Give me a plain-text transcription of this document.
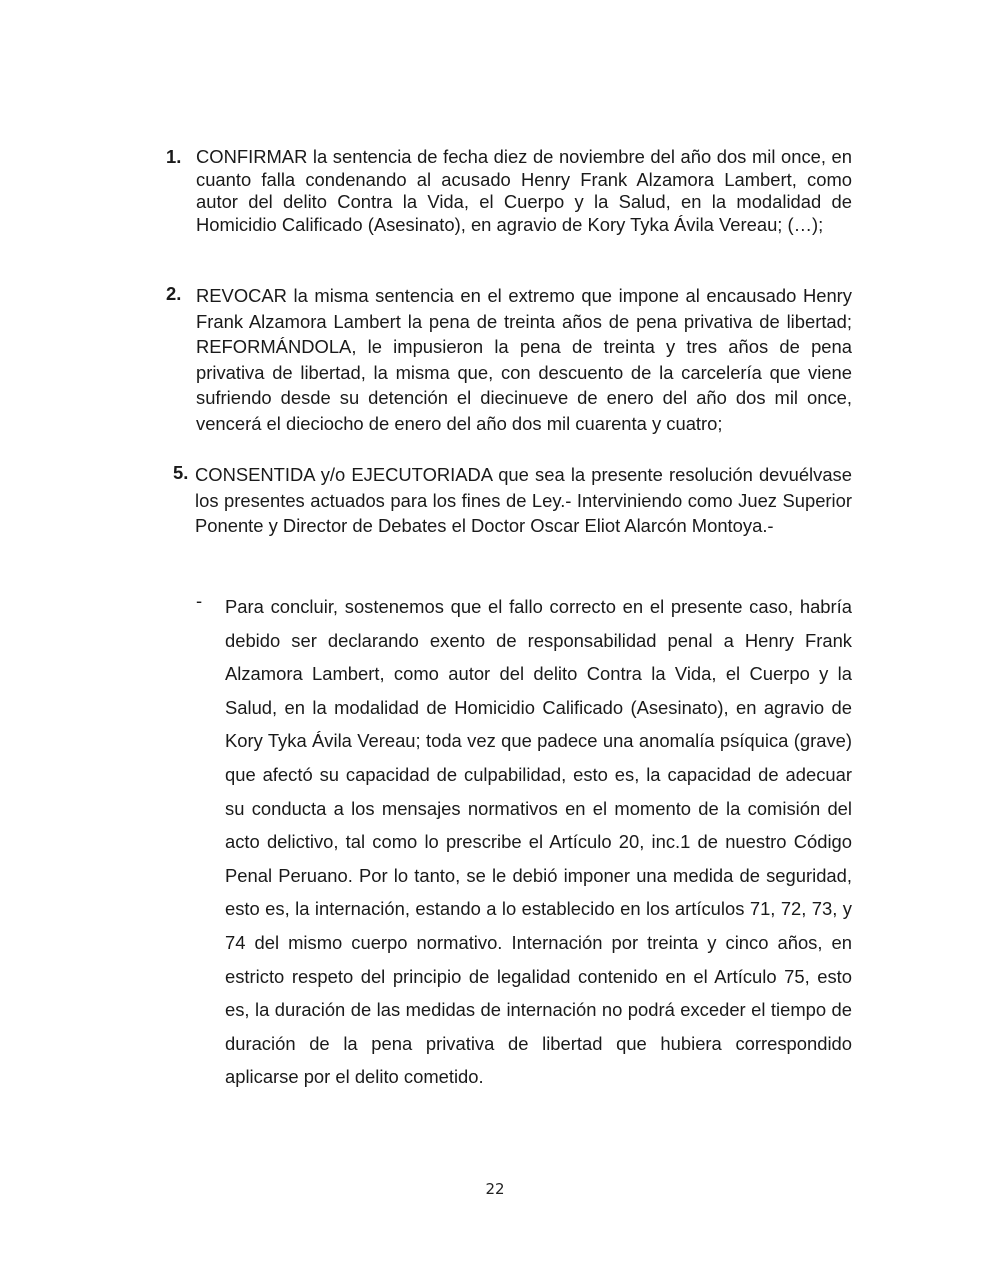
1. CONFIRMAR la sentencia de fecha diez de noviembre del año dos mil once, en cuanto falla condenando al acusado Henry Frank Alzamora Lambert, como autor del delito Contra la Vida, el Cuerpo y la Salud, en la modalidad de Homicidio Calificado (Asesinato), en agravio de Kory Tyka Ávila Vereau; (…);
2. REVOCAR la misma sentencia en el extremo que impone al encausado Henry Frank Alzamora Lambert la pena de treinta años de pena privativa de libertad; REFORMÁNDOLA, le impusieron la pena de treinta y tres años de pena privativa de libertad, la misma que, con descuento de la carcelería que viene sufriendo desde su detención el diecinueve de enero del año dos mil once, vencerá el dieciocho de enero del año dos mil cuarenta y cuatro;
5. CONSENTIDA y/o EJECUTORIADA que sea la presente resolución devuélvase los presentes actuados para los fines de Ley.- Interviniendo como Juez Superior Ponente y Director de Debates el Doctor Oscar Eliot Alarcón Montoya.-
- Para concluir, sostenemos que el fallo correcto en el presente caso, habría debido ser declarando exento de responsabilidad penal a Henry Frank Alzamora Lambert, como autor del delito Contra la Vida, el Cuerpo y la Salud, en la modalidad de Homicidio Calificado (Asesinato), en agravio de Kory Tyka Ávila Vereau; toda vez que padece una anomalía psíquica (grave) que afectó su capacidad de culpabilidad, esto es, la capacidad de adecuar su conducta a los mensajes normativos en el momento de la comisión del acto delictivo, tal como lo prescribe el Artículo 20, inc.1 de nuestro Código Penal Peruano. Por lo tanto, se le debió imponer una medida de seguridad, esto es, la internación, estando a lo establecido en los artículos 71, 72, 73, y 74 del mismo cuerpo normativo. Internación por treinta y cinco años, en estricto respeto del principio de legalidad contenido en el Artículo 75, esto es, la duración de las medidas de internación no podrá exceder el tiempo de duración de la pena privativa de libertad que hubiera correspondido aplicarse por el delito cometido.
22
